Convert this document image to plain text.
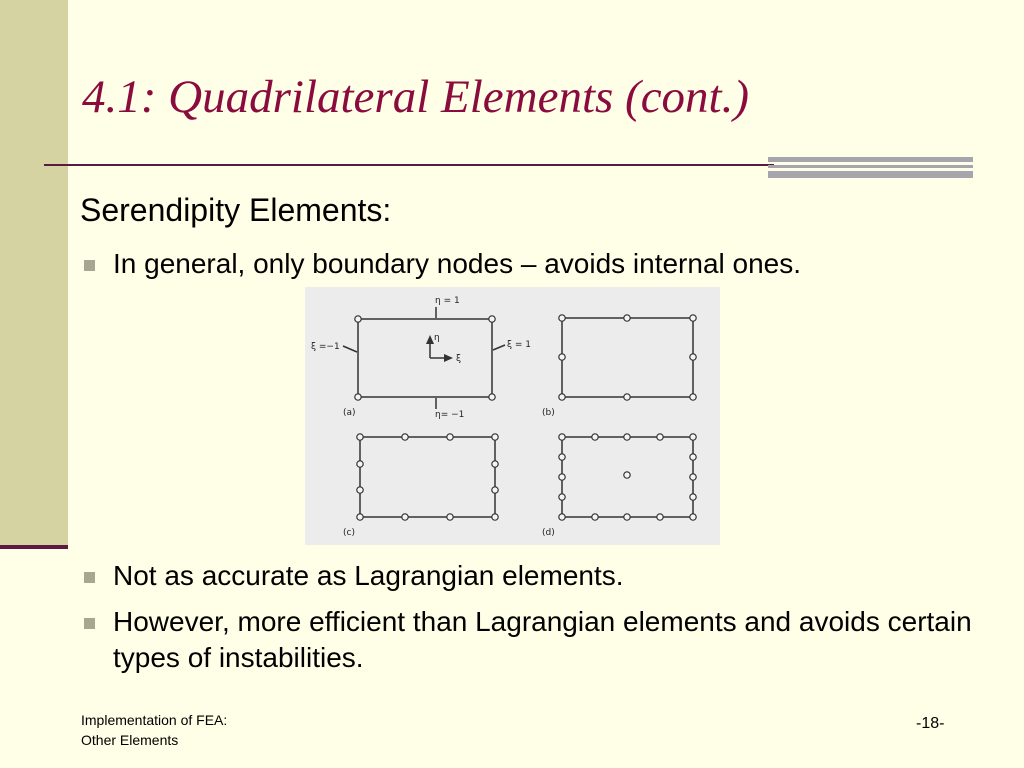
4.1: Quadrilateral Elements (cont.)
Serendipity Elements:
In general, only boundary nodes – avoids internal ones.
η = 1
η= −1
ξ =−1	ξ = 1
η
ξ
(a)	(b)
(c)	(d)
Not as accurate as Lagrangian elements.
However, more efficient than Lagrangian elements and avoids certain types of instabilities.
Implementation of FEA:
Other Elements
-18-
